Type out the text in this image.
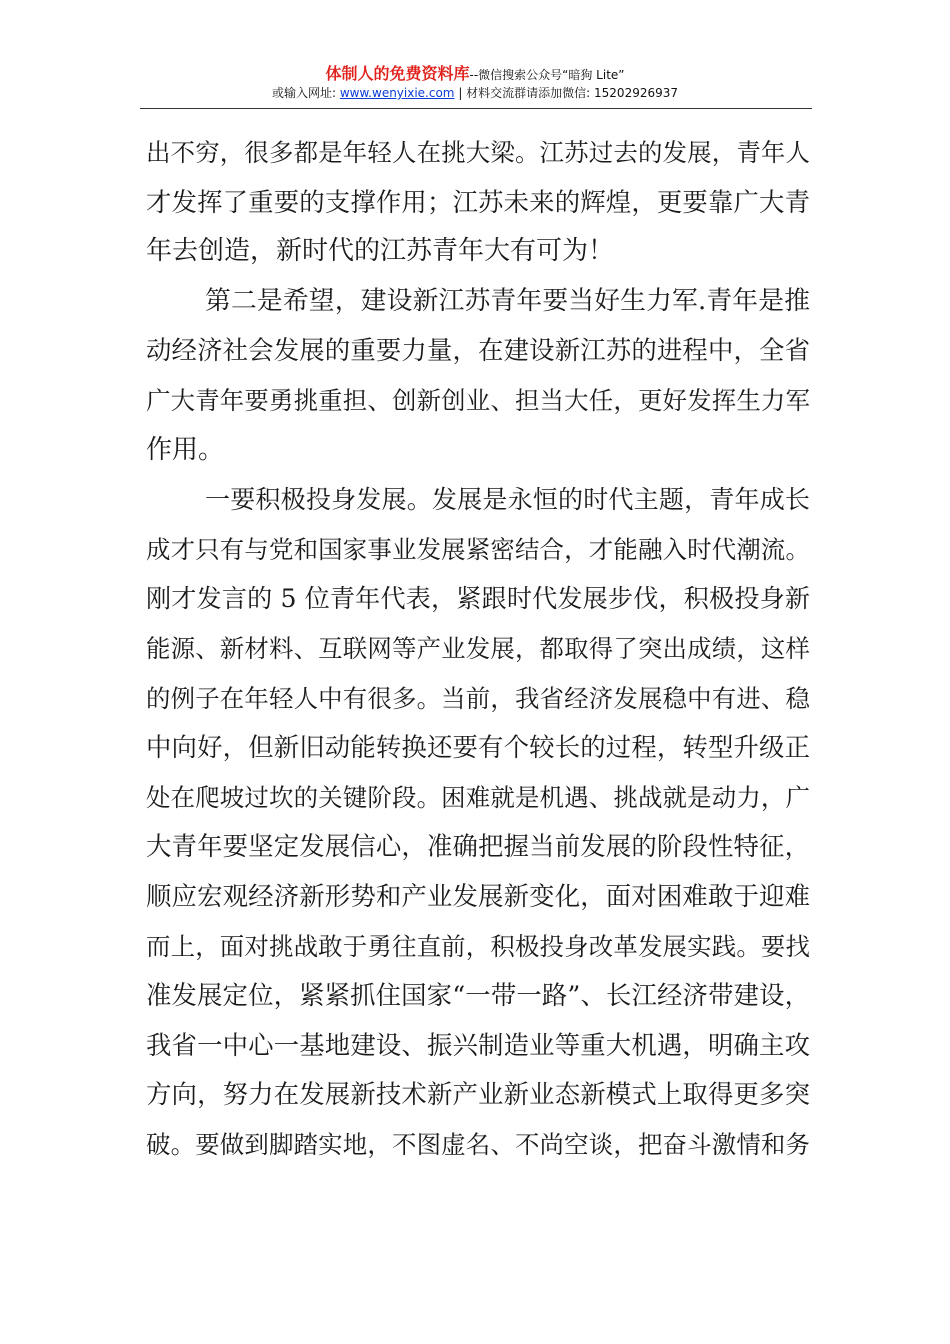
体制人的免费资料库--微信搜索公众号“暗狗 Lite”
或输入网址: www.wenyixie.com | 材料交流群请添加微信: 15202926937
出不穷，很多都是年轻人在挑大梁。江苏过去的发展，青年人
才发挥了重要的支撑作用；江苏未来的辉煌，更要靠广大青
年去创造，新时代的江苏青年大有可为！
第二是希望，建设新江苏青年要当好生力军.青年是推
动经济社会发展的重要力量，在建设新江苏的进程中，全省
广大青年要勇挑重担、创新创业、担当大任，更好发挥生力军
作用。
一要积极投身发展。发展是永恒的时代主题，青年成长
成才只有与党和国家事业发展紧密结合，才能融入时代潮流。
刚才发言的 5 位青年代表，紧跟时代发展步伐，积极投身新
能源、新材料、互联网等产业发展，都取得了突出成绩，这样
的例子在年轻人中有很多。当前，我省经济发展稳中有进、稳
中向好，但新旧动能转换还要有个较长的过程，转型升级正
处在爬坡过坎的关键阶段。困难就是机遇、挑战就是动力，广
大青年要坚定发展信心，准确把握当前发展的阶段性特征，
顺应宏观经济新形势和产业发展新变化，面对困难敢于迎难
而上，面对挑战敢于勇往直前，积极投身改革发展实践。要找
准发展定位，紧紧抓住国家“一带一路”、长江经济带建设，
我省一中心一基地建设、振兴制造业等重大机遇，明确主攻
方向，努力在发展新技术新产业新业态新模式上取得更多突
破。要做到脚踏实地，不图虚名、不尚空谈，把奋斗激情和务
